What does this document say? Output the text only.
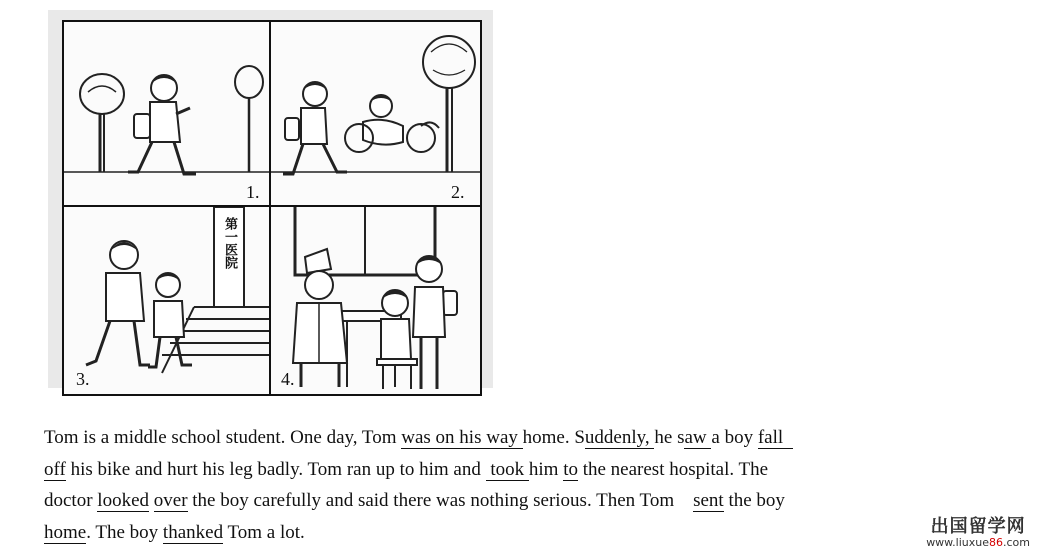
1.	2.
第一医院
3.	4.

Tom is a middle school student. One day, Tom was on his way home. Suddenly, he saw a boy fall

off his bike and hurt his leg badly. Tom ran up to him and  took him to the nearest hospital. The

doctor looked over the boy carefully and said there was nothing serious. Then Tom    sent the boy

home. The boy thanked Tom a lot.	出国留学网
www.liuxue86.com
